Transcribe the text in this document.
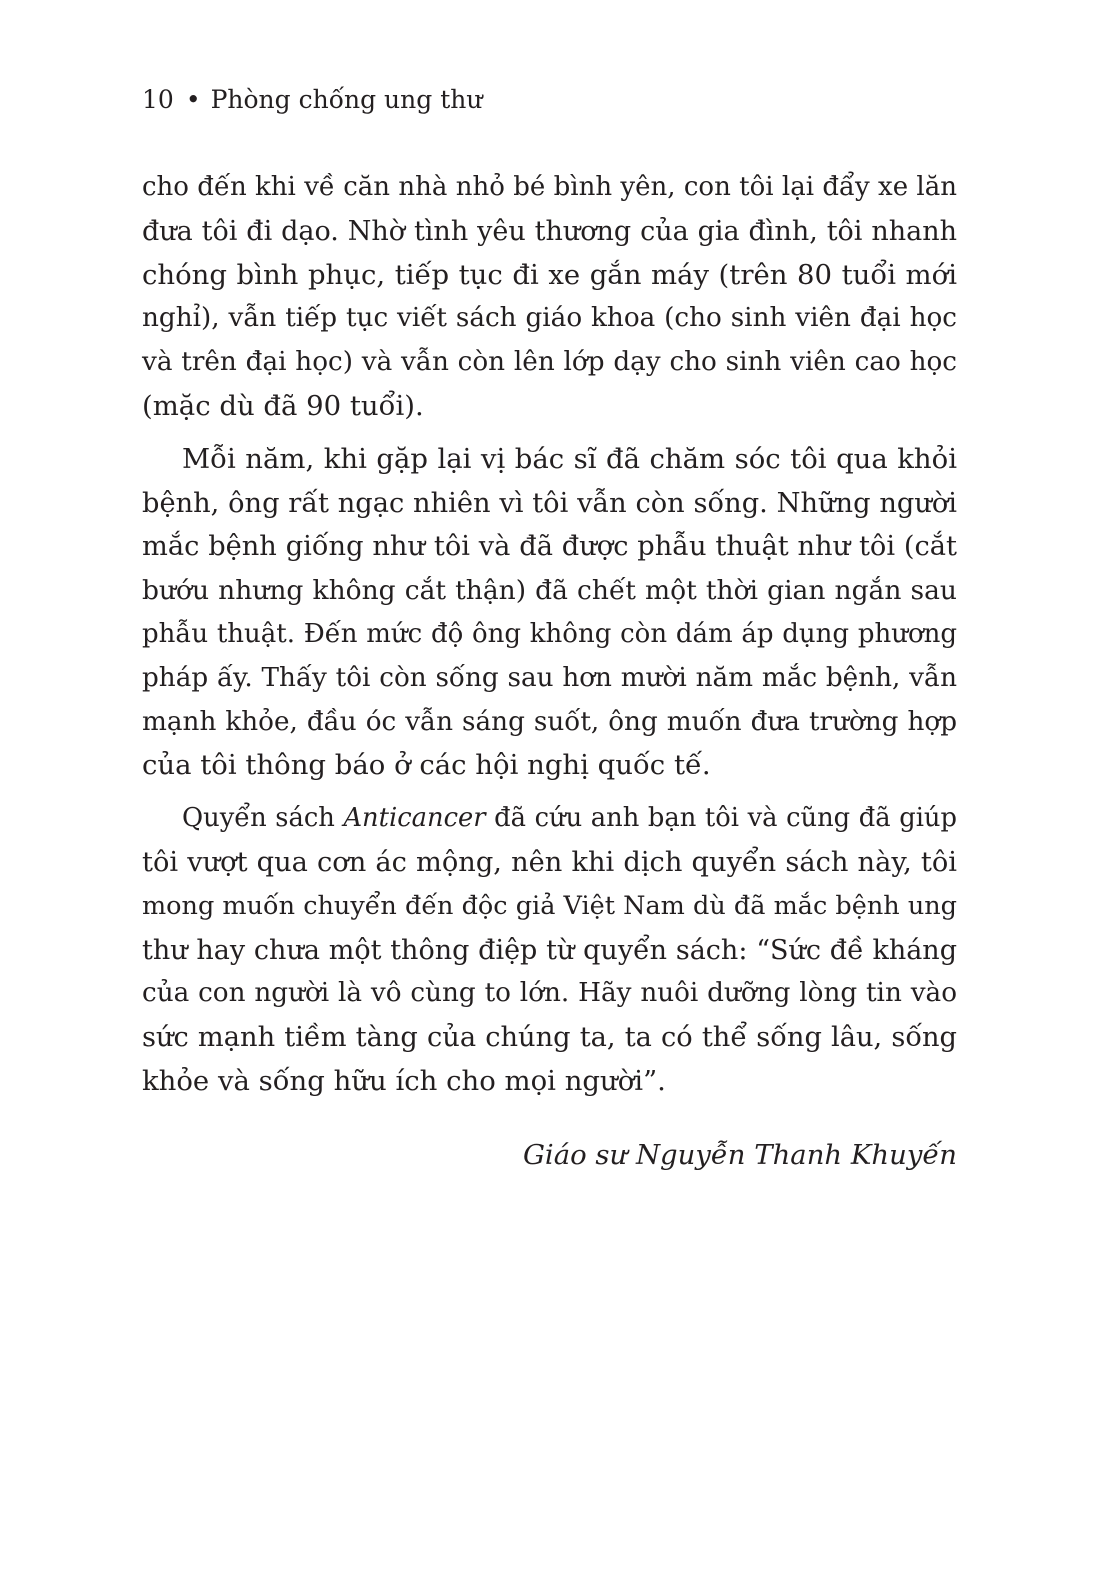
10 • Phòng chống ung thư
cho đến khi về căn nhà nhỏ bé bình yên, con tôi lại đẩy xe lăn
đưa tôi đi dạo. Nhờ tình yêu thương của gia đình, tôi nhanh
chóng bình phục, tiếp tục đi xe gắn máy (trên 80 tuổi mới
nghỉ), vẫn tiếp tục viết sách giáo khoa (cho sinh viên đại học
và trên đại học) và vẫn còn lên lớp dạy cho sinh viên cao học
(mặc dù đã 90 tuổi).
Mỗi năm, khi gặp lại vị bác sĩ đã chăm sóc tôi qua khỏi
bệnh, ông rất ngạc nhiên vì tôi vẫn còn sống. Những người
mắc bệnh giống như tôi và đã được phẫu thuật như tôi (cắt
bướu nhưng không cắt thận) đã chết một thời gian ngắn sau
phẫu thuật. Đến mức độ ông không còn dám áp dụng phương
pháp ấy. Thấy tôi còn sống sau hơn mười năm mắc bệnh, vẫn
mạnh khỏe, đầu óc vẫn sáng suốt, ông muốn đưa trường hợp
của tôi thông báo ở các hội nghị quốc tế.
Quyển sách Anticancer đã cứu anh bạn tôi và cũng đã giúp
tôi vượt qua cơn ác mộng, nên khi dịch quyển sách này, tôi
mong muốn chuyển đến độc giả Việt Nam dù đã mắc bệnh ung
thư hay chưa một thông điệp từ quyển sách: “Sức đề kháng
của con người là vô cùng to lớn. Hãy nuôi dưỡng lòng tin vào
sức mạnh tiềm tàng của chúng ta, ta có thể sống lâu, sống
khỏe và sống hữu ích cho mọi người”.
Giáo sư Nguyễn Thanh Khuyến
